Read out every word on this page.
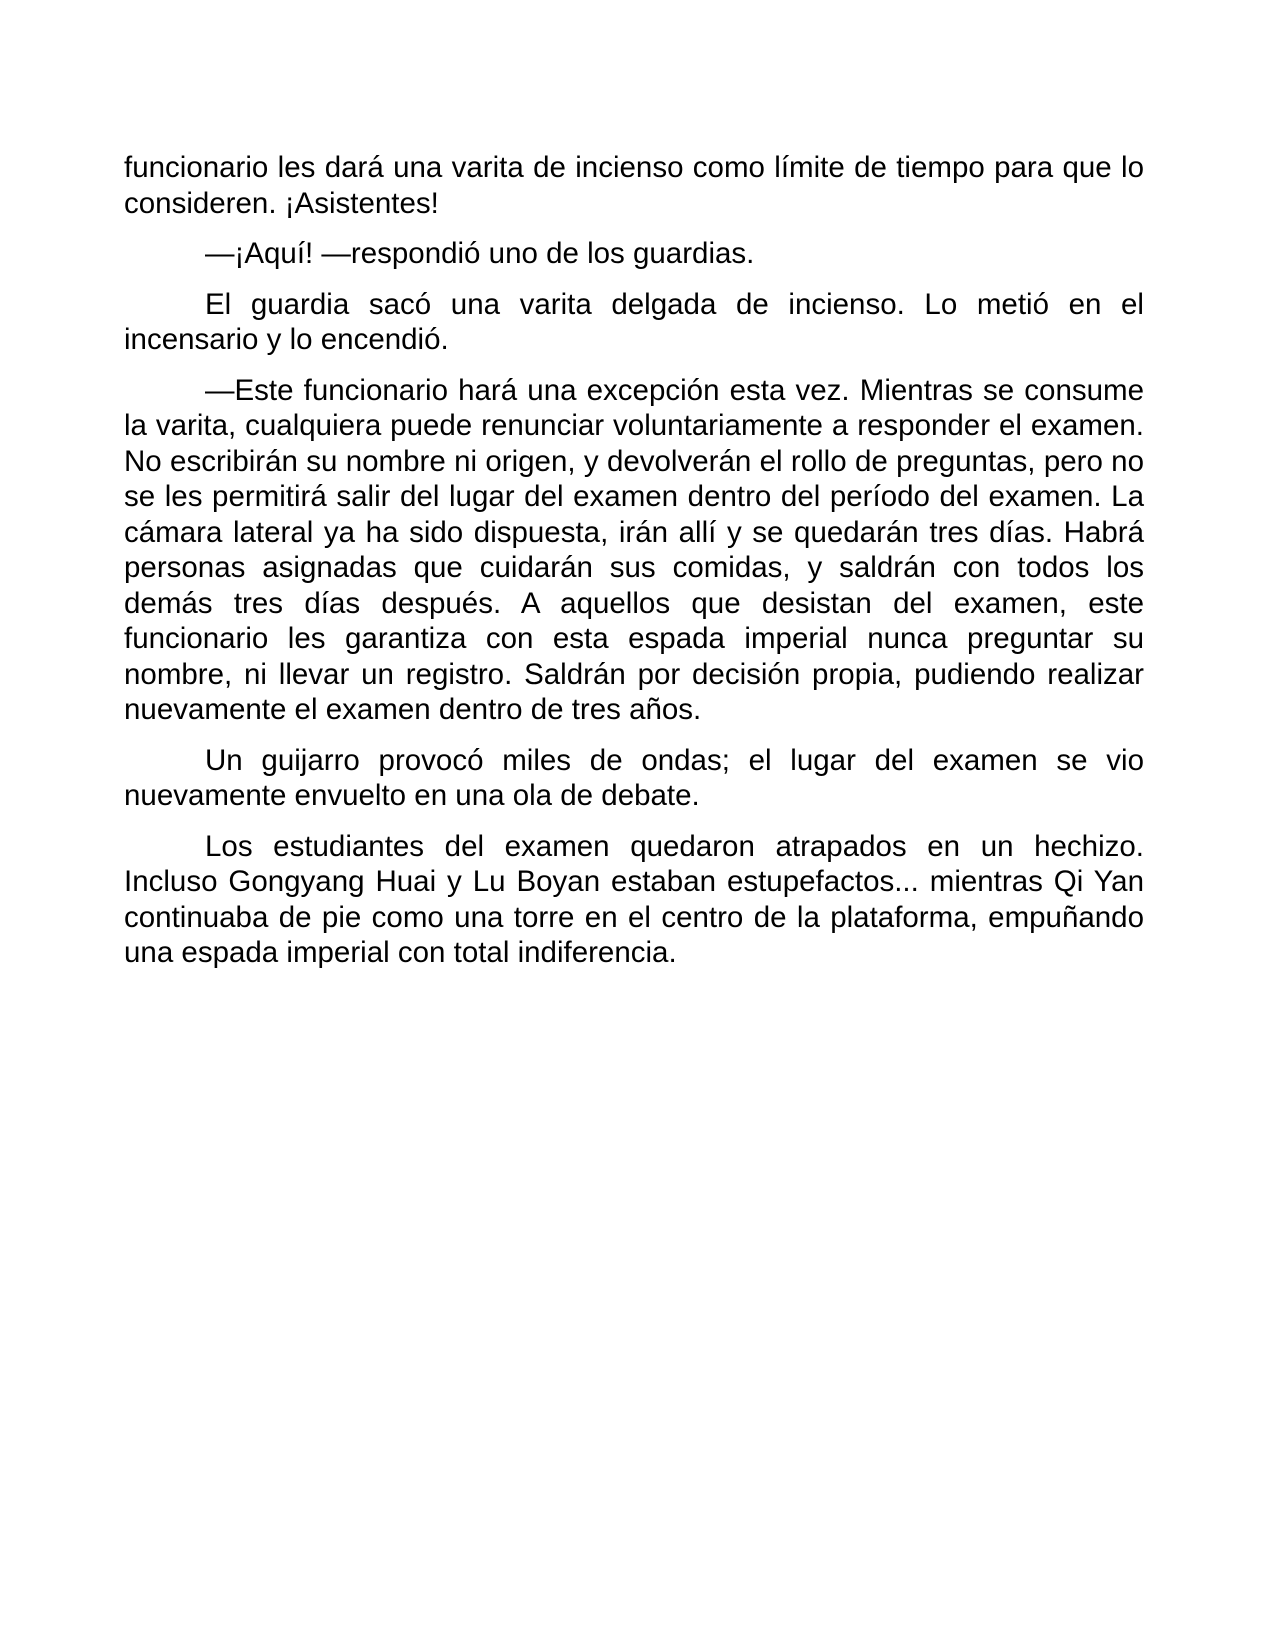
funcionario les dará una varita de incienso como límite de tiempo para que lo consideren. ¡Asistentes!

—¡Aquí! —respondió uno de los guardias.

El guardia sacó una varita delgada de incienso. Lo metió en el incensario y lo encendió.

—Este funcionario hará una excepción esta vez. Mientras se consume la varita, cualquiera puede renunciar voluntariamente a responder el examen. No escribirán su nombre ni origen, y devolverán el rollo de preguntas, pero no se les permitirá salir del lugar del examen dentro del período del examen. La cámara lateral ya ha sido dispuesta, irán allí y se quedarán tres días. Habrá personas asignadas que cuidarán sus comidas, y saldrán con todos los demás tres días después. A aquellos que desistan del examen, este funcionario les garantiza con esta espada imperial nunca preguntar su nombre, ni llevar un registro. Saldrán por decisión propia, pudiendo realizar nuevamente el examen dentro de tres años.

Un guijarro provocó miles de ondas; el lugar del examen se vio nuevamente envuelto en una ola de debate.

Los estudiantes del examen quedaron atrapados en un hechizo. Incluso Gongyang Huai y Lu Boyan estaban estupefactos... mientras Qi Yan continuaba de pie como una torre en el centro de la plataforma, empuñando una espada imperial con total indiferencia.
